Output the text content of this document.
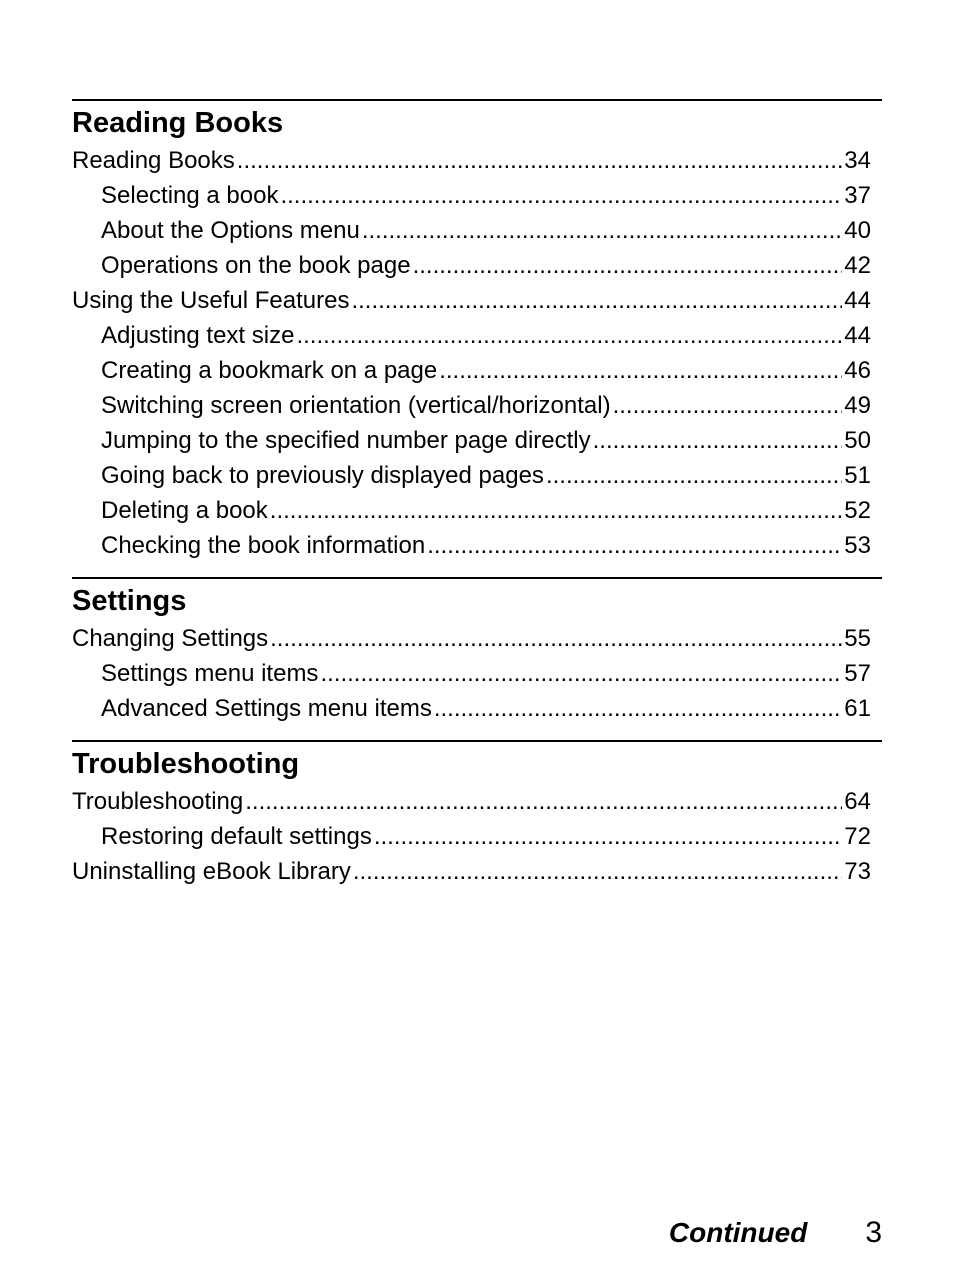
Reading Books
Reading Books .....	34
Selecting a book .....	37
About the Options menu .....	40
Operations on the book page .....	42
Using the Useful Features .....	44
Adjusting text size .....	44
Creating a bookmark on a page .....	46
Switching screen orientation (vertical/horizontal) .....	49
Jumping to the specified number page directly .....	50
Going back to previously displayed pages .....	51
Deleting a book .....	52
Checking the book information .....	53
Settings
Changing Settings .....	55
Settings menu items .....	57
Advanced Settings menu items .....	61
Troubleshooting
Troubleshooting .....	64
Restoring default settings .....	72
Uninstalling eBook Library .....	73
Continued 3
